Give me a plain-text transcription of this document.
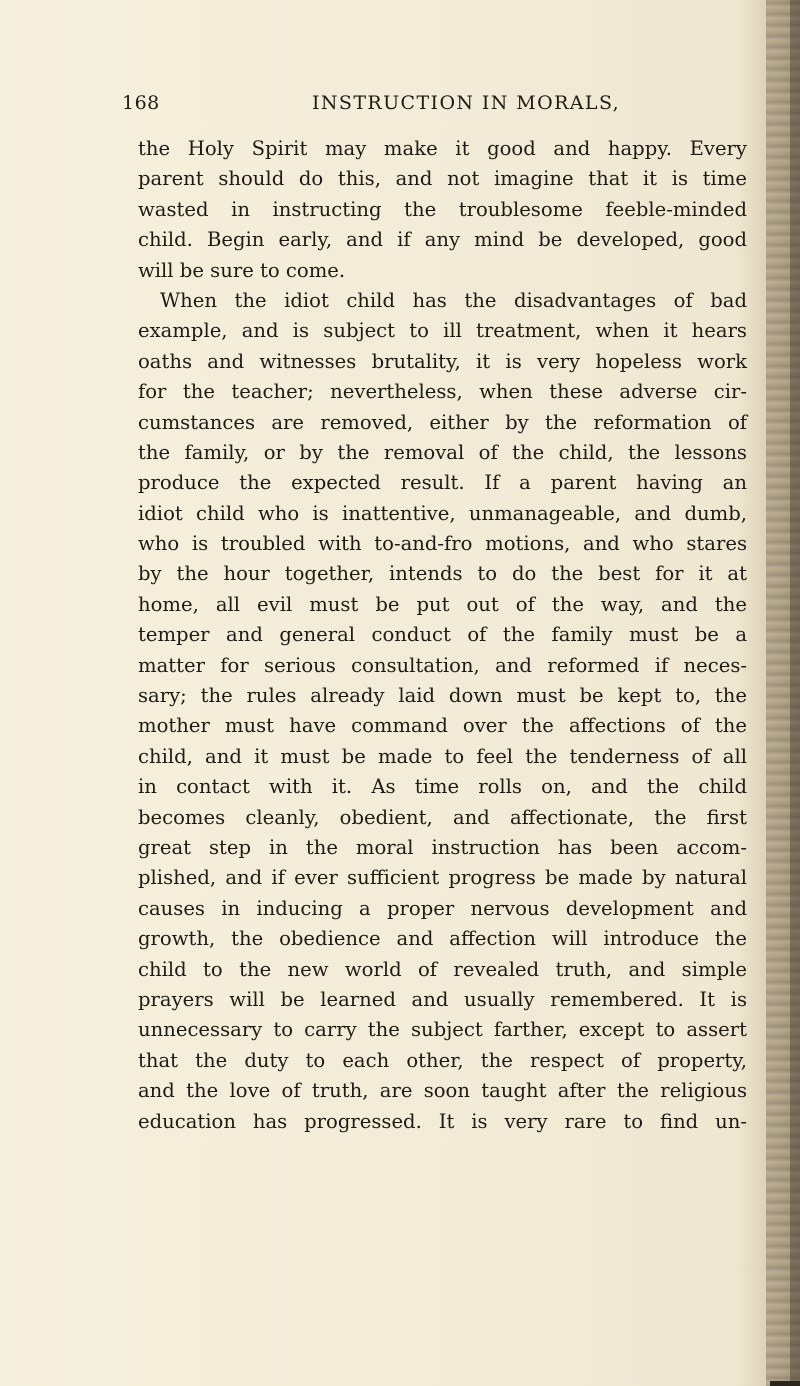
168	INSTRUCTION IN MORALS,
the Holy Spirit may make it good and happy. Every
parent should do this, and not imagine that it is time
wasted in instructing the troublesome feeble-minded
child. Begin early, and if any mind be developed, good
will be sure to come.
When the idiot child has the disadvantages of bad
example, and is subject to ill treatment, when it hears
oaths and witnesses brutality, it is very hopeless work
for the teacher; nevertheless, when these adverse cir-
cumstances are removed, either by the reformation of
the family, or by the removal of the child, the lessons
produce the expected result. If a parent having an
idiot child who is inattentive, unmanageable, and dumb,
who is troubled with to-and-fro motions, and who stares
by the hour together, intends to do the best for it at
home, all evil must be put out of the way, and the
temper and general conduct of the family must be a
matter for serious consultation, and reformed if neces-
sary; the rules already laid down must be kept to, the
mother must have command over the affections of the
child, and it must be made to feel the tenderness of all
in contact with it. As time rolls on, and the child
becomes cleanly, obedient, and affectionate, the first
great step in the moral instruction has been accom-
plished, and if ever sufficient progress be made by natural
causes in inducing a proper nervous development and
growth, the obedience and affection will introduce the
child to the new world of revealed truth, and simple
prayers will be learned and usually remembered. It is
unnecessary to carry the subject farther, except to assert
that the duty to each other, the respect of property,
and the love of truth, are soon taught after the religious
education has progressed. It is very rare to find un-
